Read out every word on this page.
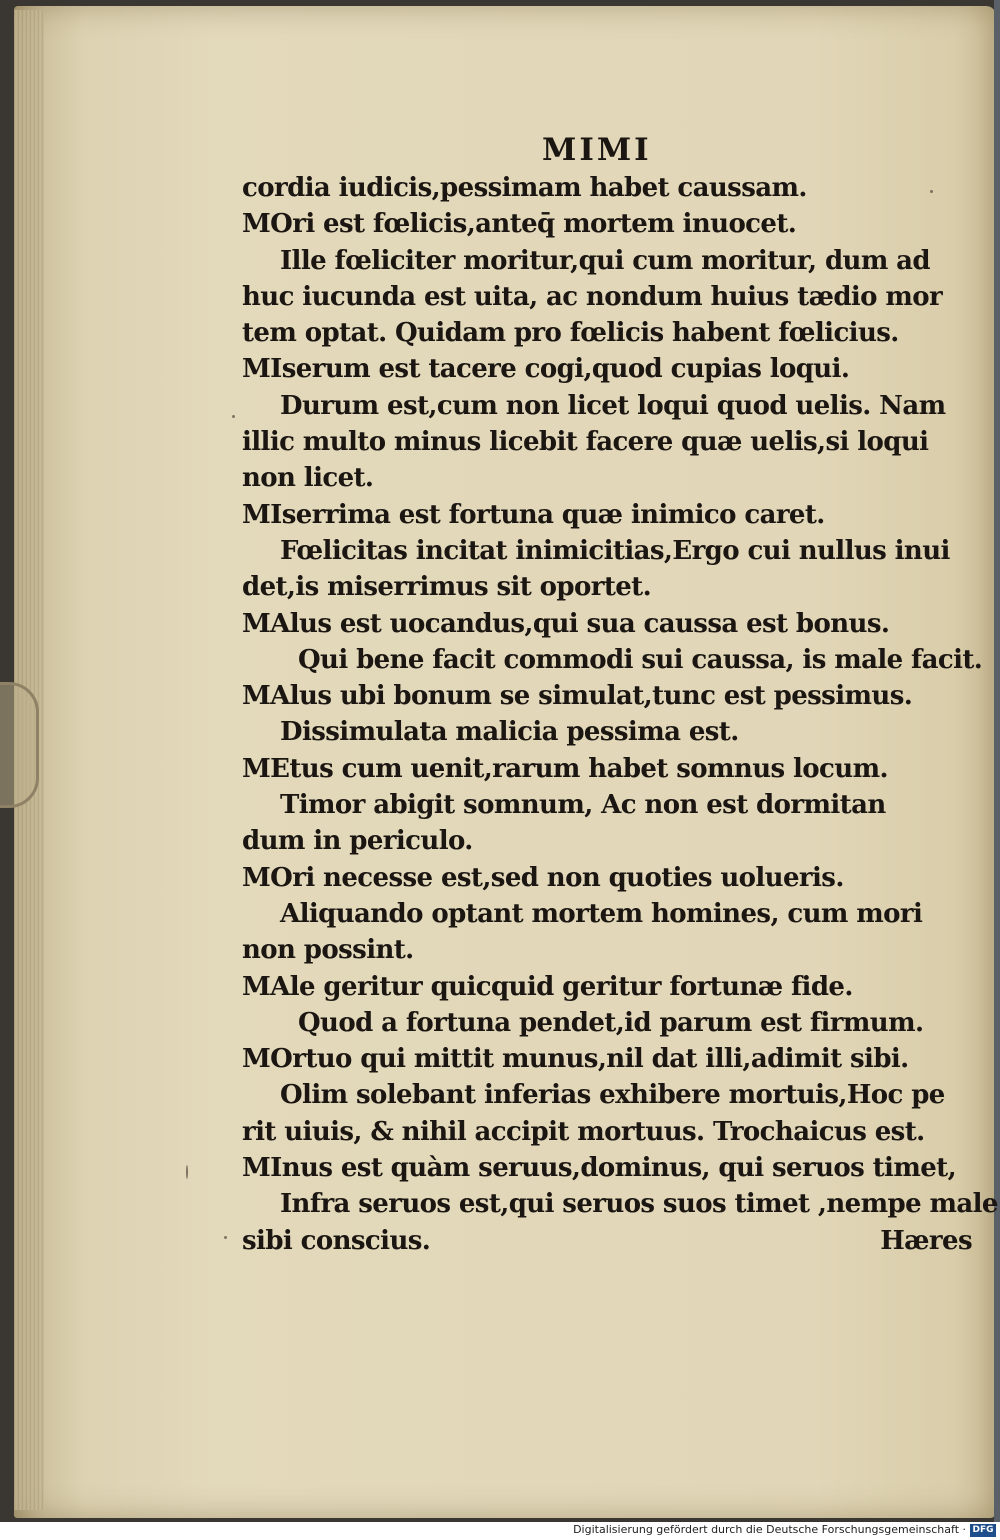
MIMI
cordia iudicis,pessimam habet caussam.
MOri est fœlicis,anteq̄ mortem inuocet.
Ille fœliciter moritur,qui cum moritur, dum ad
huc iucunda est uita, ac nondum huius tædio mor
tem optat. Quidam pro fœlicis habent fœlicius.
MIserum est tacere cogi,quod cupias loqui.
Durum est,cum non licet loqui quod uelis. Nam
illic multo minus licebit facere quæ uelis,si loqui
non licet.
MIserrima est fortuna quæ inimico caret.
Fœlicitas incitat inimicitias,Ergo cui nullus inui
det,is miserrimus sit oportet.
MAlus est uocandus,qui sua caussa est bonus.
Qui bene facit commodi sui caussa, is male facit.
MAlus ubi bonum se simulat,tunc est pessimus.
Dissimulata malicia pessima est.
MEtus cum uenit,rarum habet somnus locum.
Timor abigit somnum, Ac non est dormitan
dum in periculo.
MOri necesse est,sed non quoties uolueris.
Aliquando optant mortem homines, cum mori
non possint.
MAle geritur quicquid geritur fortunæ fide.
Quod a fortuna pendet,id parum est firmum.
MOrtuo qui mittit munus,nil dat illi,adimit sibi.
Olim solebant inferias exhibere mortuis,Hoc pe
rit uiuis, & nihil accipit mortuus. Trochaicus est.
MInus est quàm seruus,dominus, qui seruos timet,
Infra seruos est,qui seruos suos timet ,nempe male
sibi conscius.	Hæres
Digitalisierung gefördert durch die Deutsche Forschungsgemeinschaft · DFG
